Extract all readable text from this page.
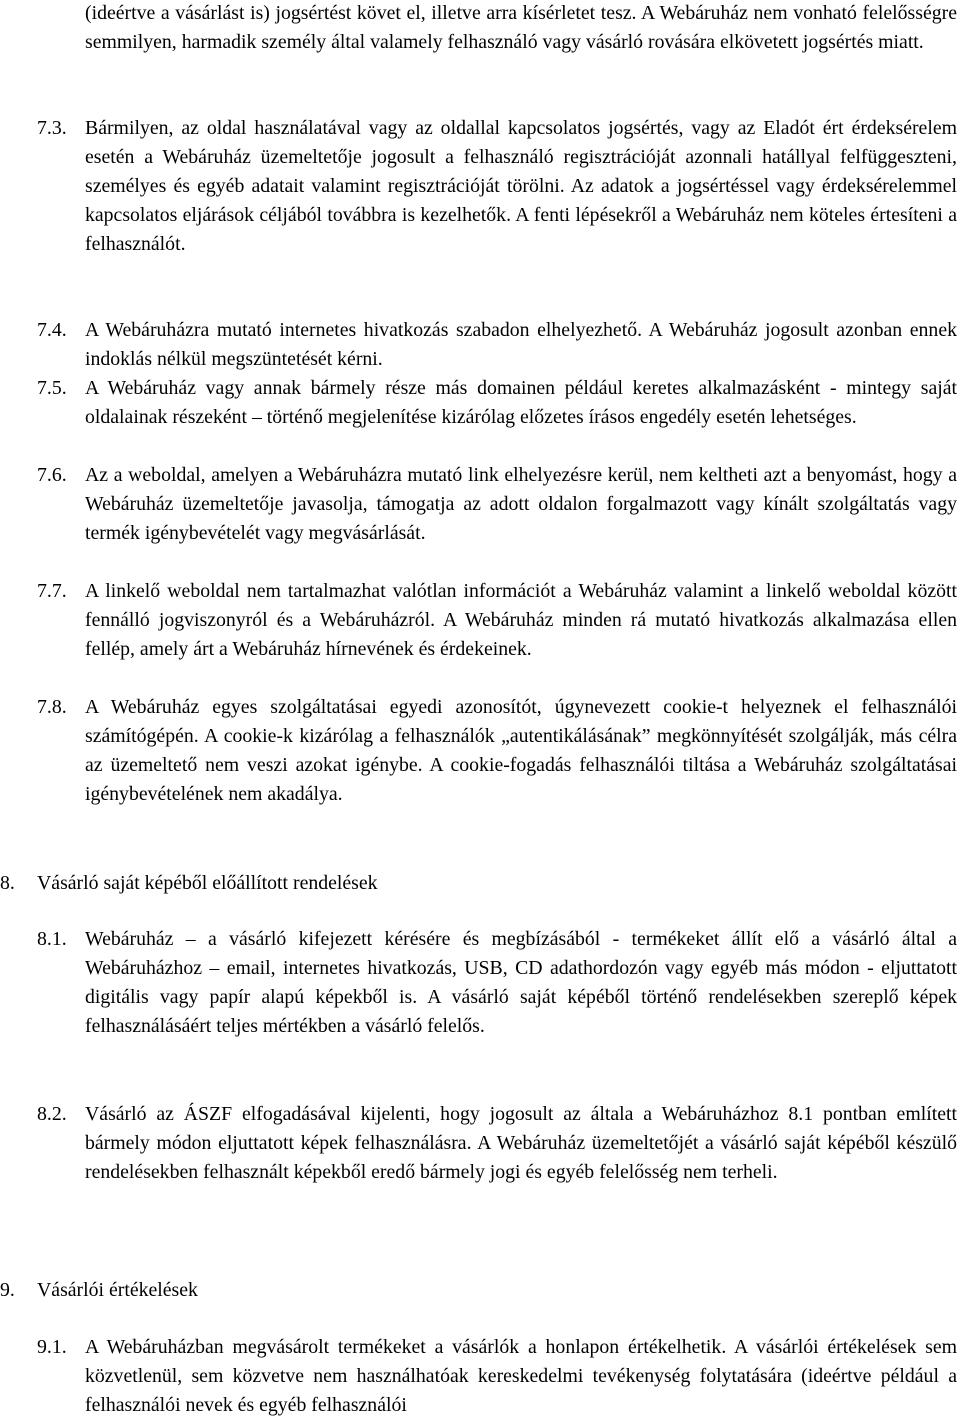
(ideértve a vásárlást is) jogsértést követ el, illetve arra kísérletet tesz. A Webáruház nem vonható felelősségre semmilyen, harmadik személy által valamely felhasználó vagy vásárló rovására elkövetett jogsértés miatt.

7.3. Bármilyen, az oldal használatával vagy az oldallal kapcsolatos jogsértés, vagy az Eladót ért érdeksérelem esetén a Webáruház üzemeltetője jogosult a felhasználó regisztrációját azonnali hatállyal felfüggeszteni, személyes és egyéb adatait valamint regisztrációját törölni. Az adatok a jogsértéssel vagy érdeksérelemmel kapcsolatos eljárások céljából továbbra is kezelhetők. A fenti lépésekről a Webáruház nem köteles értesíteni a felhasználót.

7.4. A Webáruházra mutató internetes hivatkozás szabadon elhelyezhető. A Webáruház jogosult azonban ennek indoklás nélkül megszüntetését kérni.

7.5. A Webáruház vagy annak bármely része más domainen például keretes alkalmazásként - mintegy saját oldalainak részeként – történő megjelenítése kizárólag előzetes írásos engedély esetén lehetséges.

7.6. Az a weboldal, amelyen a Webáruházra mutató link elhelyezésre kerül, nem keltheti azt a benyomást, hogy a Webáruház üzemeltetője javasolja, támogatja az adott oldalon forgalmazott vagy kínált szolgáltatás vagy termék igénybevételét vagy megvásárlását.

7.7. A linkelő weboldal nem tartalmazhat valótlan információt a Webáruház valamint a linkelő weboldal között fennálló jogviszonyról és a Webáruházról. A Webáruház minden rá mutató hivatkozás alkalmazása ellen fellép, amely árt a Webáruház hírnevének és érdekeinek.

7.8. A Webáruház egyes szolgáltatásai egyedi azonosítót, úgynevezett cookie-t helyeznek el felhasználói számítógépén. A cookie-k kizárólag a felhasználók „autentikálásának” megkönnyítését szolgálják, más célra az üzemeltető nem veszi azokat igénybe. A cookie-fogadás felhasználói tiltása a Webáruház szolgáltatásai igénybevételének nem akadálya.

8.	Vásárló saját képéből előállított rendelések
8.1. Webáruház – a vásárló kifejezett kérésére és megbízásából - termékeket állít elő a vásárló által a Webáruházhoz – email, internetes hivatkozás, USB, CD adathordozón vagy egyéb más módon - eljuttatott digitális vagy papír alapú képekből is. A vásárló saját képéből történő rendelésekben szereplő képek felhasználásáért teljes mértékben a vásárló felelős.

8.2. Vásárló az ÁSZF elfogadásával kijelenti, hogy jogosult az általa a Webáruházhoz 8.1 pontban említett bármely módon eljuttatott képek felhasználásra. A Webáruház üzemeltetőjét a vásárló saját képéből készülő rendelésekben felhasznált képekből eredő bármely jogi és egyéb felelősség nem terheli.

9.	Vásárlói értékelések
9.1. A Webáruházban megvásárolt termékeket a vásárlók a honlapon értékelhetik. A vásárlói értékelések sem közvetlenül, sem közvetve nem használhatóak kereskedelmi tevékenység folytatására (ideértve például a felhasználói nevek és egyéb felhasználói
